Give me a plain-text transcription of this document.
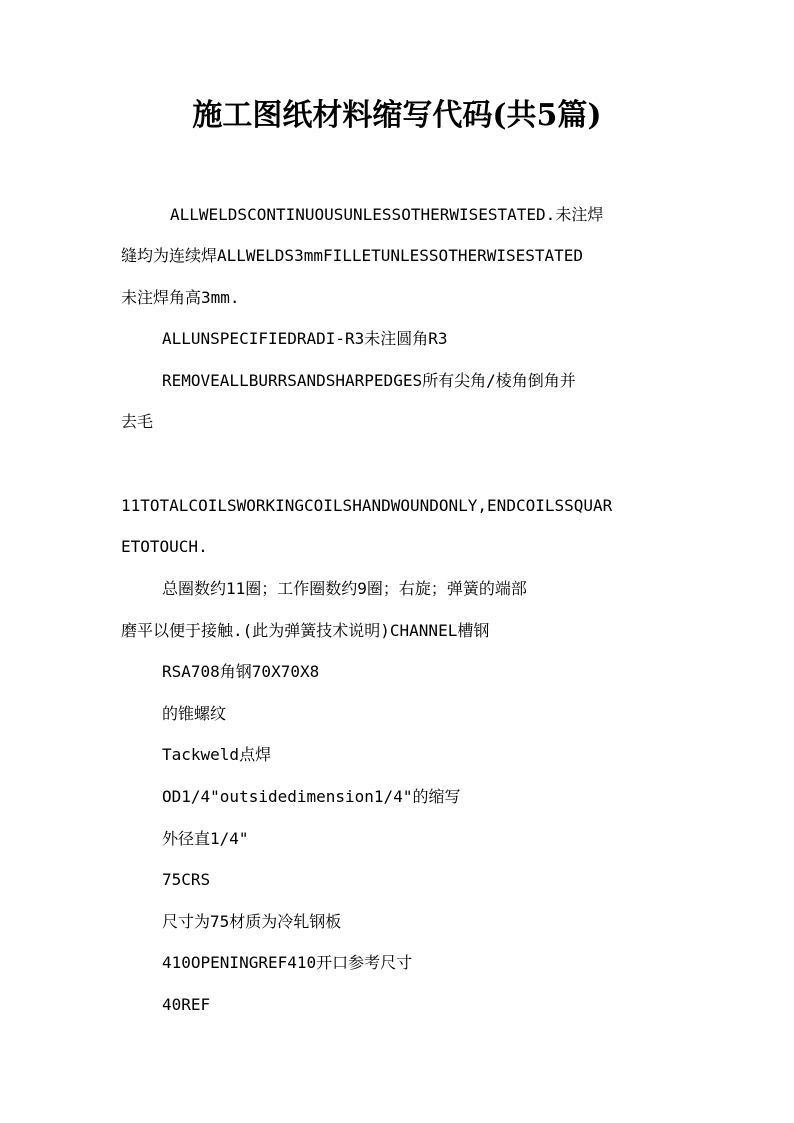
施工图纸材料缩写代码(共5篇)
ALLWELDSCONTINUOUSUNLESSOTHERWISESTATED.未注焊
缝均为连续焊ALLWELDS3mmFILLETUNLESSOTHERWISESTATED
未注焊角高3mm.
ALLUNSPECIFIEDRADI-R3未注圆角R3
REMOVEALLBURRSANDSHARPEDGES所有尖角/棱角倒角并
去毛
11TOTALCOILSWORKINGCOILSHANDWOUNDONLY,ENDCOILSSQUAR
ETOTOUCH.
总圈数约11圈；工作圈数约9圈；右旋；弹簧的端部
磨平以便于接触.(此为弹簧技术说明)CHANNEL槽钢
RSA708角钢70X70X8
的锥螺纹
Tackweld点焊
OD1/4"outsidedimension1/4"的缩写
外径直1/4"
75CRS
尺寸为75材质为冷轧钢板
410OPENINGREF410开口参考尺寸
40REF
